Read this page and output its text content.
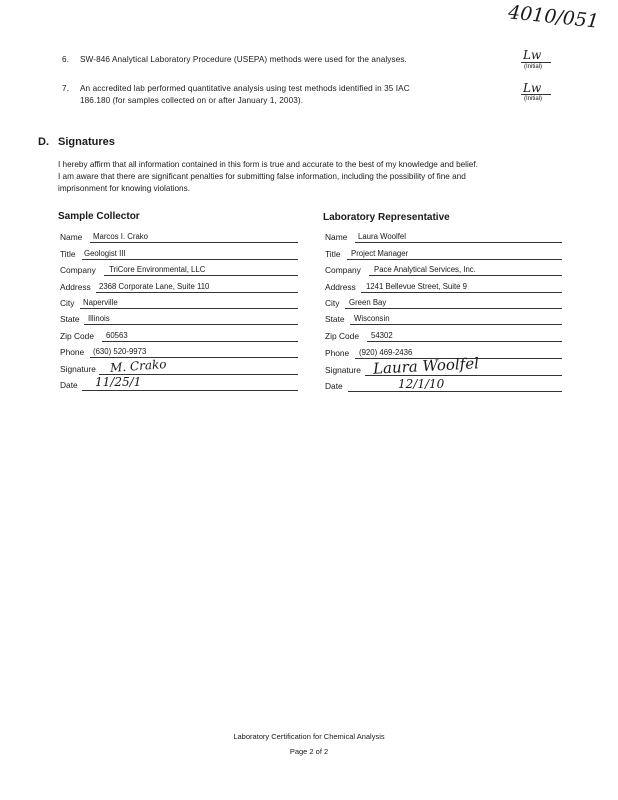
4010/051
6. SW-846 Analytical Laboratory Procedure (USEPA) methods were used for the analyses.	Lw
(Initial)
7. An accredited lab performed quantitative analysis using test methods identified in 35 IAC
186.180 (for samples collected on or after January 1, 2003).
Lw
(Initial)
D. Signatures
I hereby affirm that all information contained in this form is true and accurate to the best of my knowledge and belief.
I am aware that there are significant penalties for submitting false information, including the possibility of fine and
imprisonment for knowing violations.
Sample Collector	Laboratory Representative
Name Marcos I. Crako
Title Geologist III
Company TriCore Environmental, LLC
Address 2368 Corporate Lane, Suite 110
City Naperville
State Illinois
Zip Code 60563
Phone (630) 520-9973
Signature M. Crako
Date 11/25/1
Name Laura Woolfel
Title Project Manager
Company Pace Analytical Services, Inc.
Address 1241 Bellevue Street, Suite 9
City Green Bay
State Wisconsin
Zip Code 54302
Phone (920) 469-2436
Signature Laura Woolfel
Date	12/1/10
Laboratory Certification for Chemical Analysis
Page 2 of 2
